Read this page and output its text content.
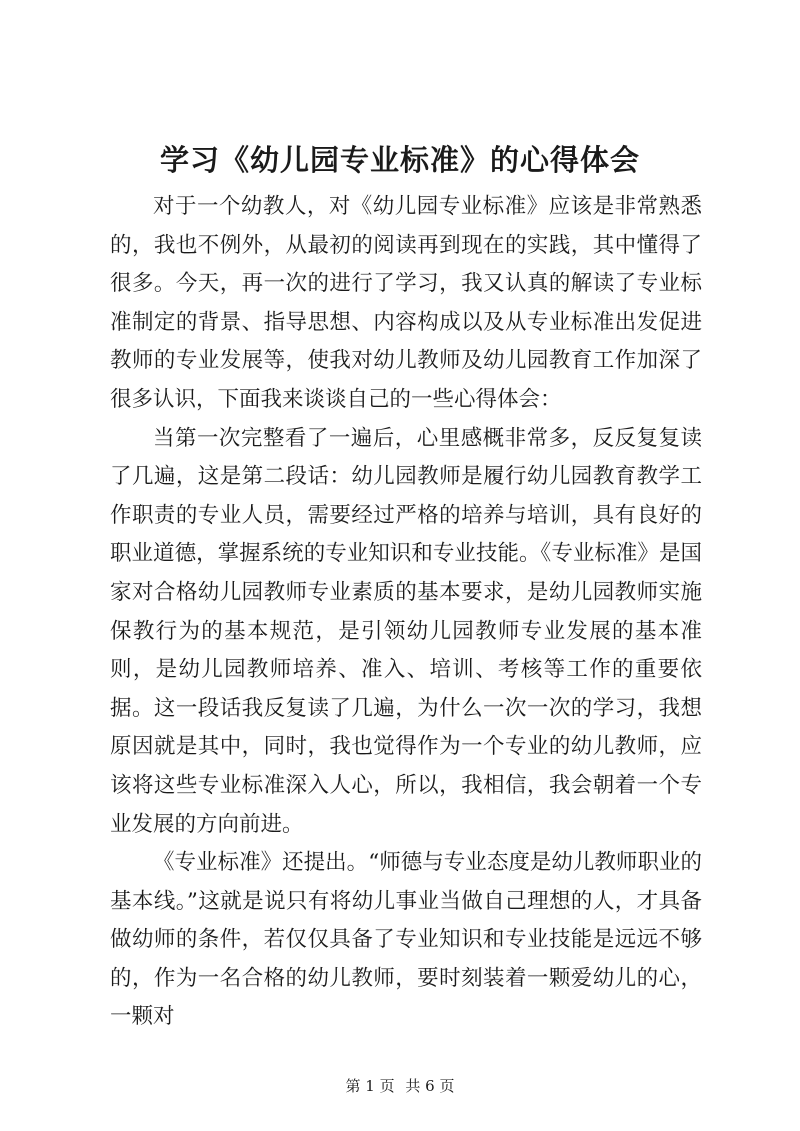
学习《幼儿园专业标准》的心得体会

对于一个幼教人，对《幼儿园专业标准》应该是非常熟悉的，我也不例外，从最初的阅读再到现在的实践，其中懂得了很多。今天，再一次的进行了学习，我又认真的解读了专业标准制定的背景、指导思想、内容构成以及从专业标准出发促进教师的专业发展等，使我对幼儿教师及幼儿园教育工作加深了很多认识，下面我来谈谈自己的一些心得体会：

当第一次完整看了一遍后，心里感概非常多，反反复复读了几遍，这是第二段话：幼儿园教师是履行幼儿园教育教学工作职责的专业人员，需要经过严格的培养与培训，具有良好的职业道德，掌握系统的专业知识和专业技能。《专业标准》是国家对合格幼儿园教师专业素质的基本要求，是幼儿园教师实施保教行为的基本规范，是引领幼儿园教师专业发展的基本准则，是幼儿园教师培养、准入、培训、考核等工作的重要依据。这一段话我反复读了几遍，为什么一次一次的学习，我想原因就是其中，同时，我也觉得作为一个专业的幼儿教师，应该将这些专业标准深入人心，所以，我相信，我会朝着一个专业发展的方向前进。

《专业标准》还提出。“师德与专业态度是幼儿教师职业的基本线。”这就是说只有将幼儿事业当做自己理想的人，才具备做幼师的条件，若仅仅具备了专业知识和专业技能是远远不够的，作为一名合格的幼儿教师，要时刻装着一颗爱幼儿的心，一颗对

第 1 页 共 6 页
